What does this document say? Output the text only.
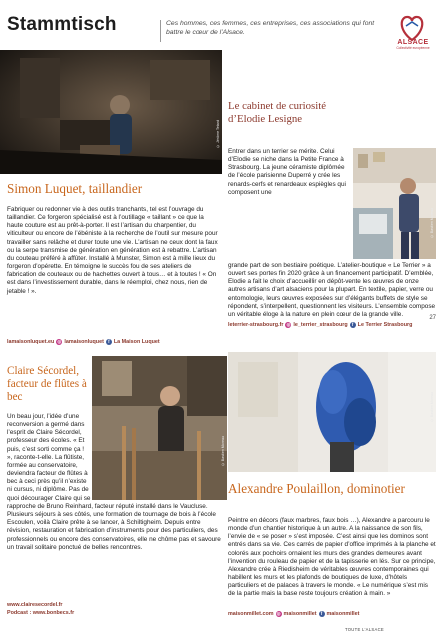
Stammtisch	Ces hommes, ces femmes, ces entreprises, ces associations qui font battre le cœur de l’Alsace.
ALSACE
Collectivité européenne
© Jérôme Tetard
Le cabinet de curiosité d’Elodie Lesigne
© Bastien Moreau
Entrer dans un terrier se mérite. Celui d’Elodie se niche dans la Petite France à Strasbourg. La jeune céramiste diplômée de l’école parisienne Duperré y crée les renards-cerfs et renardeaux espiègles qui composent une
grande part de son bestiaire poétique. L’atelier-boutique « Le Terrier » a ouvert ses portes fin 2020 grâce à un financement participatif. D’emblée, Elodie a fait le choix d’accueillir en dépôt-vente les œuvres de onze autres artisans d’art alsaciens pour la plupart. En textile, papier, verre ou entomologie, leurs œuvres exposées sur d’élégants buffets de style se répondent, s’interpellent, questionnent les visiteurs. L’ensemble compose un véritable éloge à la nature en plein cœur de la grande ville.
leterrier-strasbourg.fr ◎ le_terrier_strasbourg f Le Terrier Strasbourg
Simon Luquet, taillandier
Fabriquer ou redonner vie à des outils tranchants, tel est l’ouvrage du taillandier. Ce forgeron spécialisé est à l’outillage « taillant » ce que la haute couture est au prêt-à-porter. Il est l’artisan du charpentier, du viticulteur ou encore de l’ébéniste à la recherche de l’outil sur mesure pour travailler sans relâche et durer toute une vie. L’artisan ne ceux dont la faux ou la serpe transmise de génération en génération est à rebattre. L’artisan du couteau préféré à affûter. Installé à Munster, Simon est à mille lieux du forgeron d’opérette. En témoigne le succès fou de ses ateliers de fabrication de couteaux ou de hachettes ouvert à tous… et à toutes ! « On est dans l’investissement durable, dans le réemploi, chez nous, rien de jetable ! ».
lamaisonluquet.eu ◎ lamaisonluquet f La Maison Luquet
27
Claire Sécordel, facteur de flûtes à bec
© Bastien Moreau
Un beau jour, l’idée d’une reconversion a germé dans l’esprit de Claire Sécordel, professeur des écoles. « Et puis, c’est sorti comme ça ! », raconte-t-elle. La flûtiste, formée au conservatoire, deviendra facteur de flûtes à bec à ceci près qu’il n’existe ni cursus, ni diplôme. Pas de quoi décourager Claire qui se
rapproche de Bruno Reinhard, facteur réputé installé dans le Vaucluse. Plusieurs séjours à ses côtés, une formation de tournage de bois à l’école Escoulen, voilà Claire prête à se lancer, à Schiltigheim. Depuis entre révision, restauration et fabrication d’instruments pour des particuliers, des professionnels ou encore des conservatoires, elle ne chôme pas et savoure un travail solitaire ponctué de belles rencontres.
www.clairesecordel.fr
Podcast : www.bonbecs.fr
© Bastien Moreau
Alexandre Poulaillon, dominotier
Peintre en décors (faux marbres, faux bois …), Alexandre a parcouru le monde d’un chantier historique à un autre. A la naissance de son fils, l’envie de « se poser » s’est imposée. C’est ainsi que les dominos sont entrés dans sa vie. Ces carrés de papier d’office imprimés à la planche et colorés aux pochoirs ornaient les murs des grandes demeures avant l’invention du rouleau de papier et de la tapisserie en lés. Sur ce principe, Alexandre crée à Riedisheim de véritables œuvres contemporaines qui habillent les murs et les plafonds de boutiques de luxe, d’hôtels particuliers et de palaces à travers le monde. « Le numérique s’est mis de la partie mais la base reste toujours création à main. »
maisonmillet.com ◎ maisonmillet f maisonmillet
TOUTE L’ALSACE
